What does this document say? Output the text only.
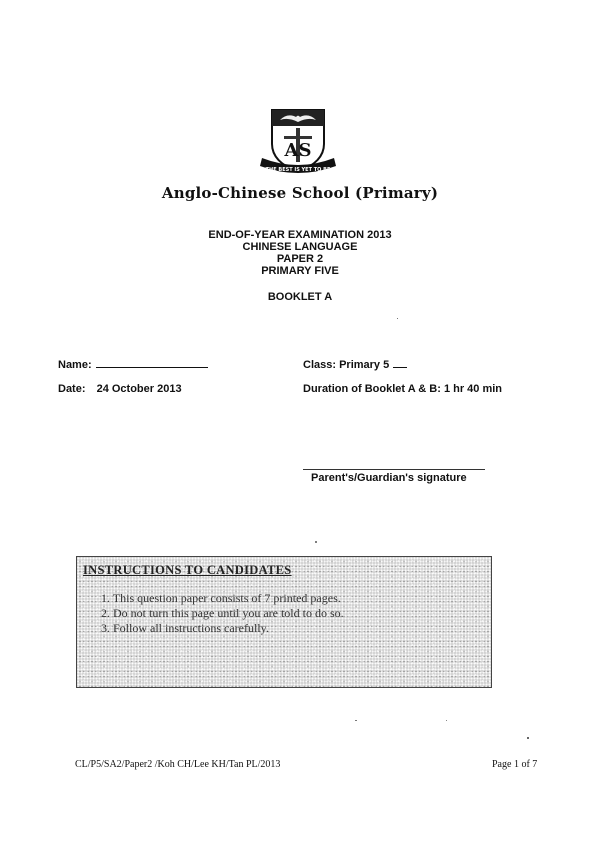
AS
THE BEST IS YET TO BE
Anglo-Chinese School (Primary)
END-OF-YEAR EXAMINATION 2013
CHINESE LANGUAGE
PAPER 2
PRIMARY FIVE
BOOKLET A
Name:	Class: Primary 5
Date: 24 October 2013	Duration of Booklet A & B: 1 hr 40 min
Parent's/Guardian's signature
INSTRUCTIONS TO CANDIDATES
1. This question paper consists of 7 printed pages.
2. Do not turn this page until you are told to do so.
3. Follow all instructions carefully.
CL/P5/SA2/Paper2 /Koh CH/Lee KH/Tan PL/2013	Page 1 of 7
